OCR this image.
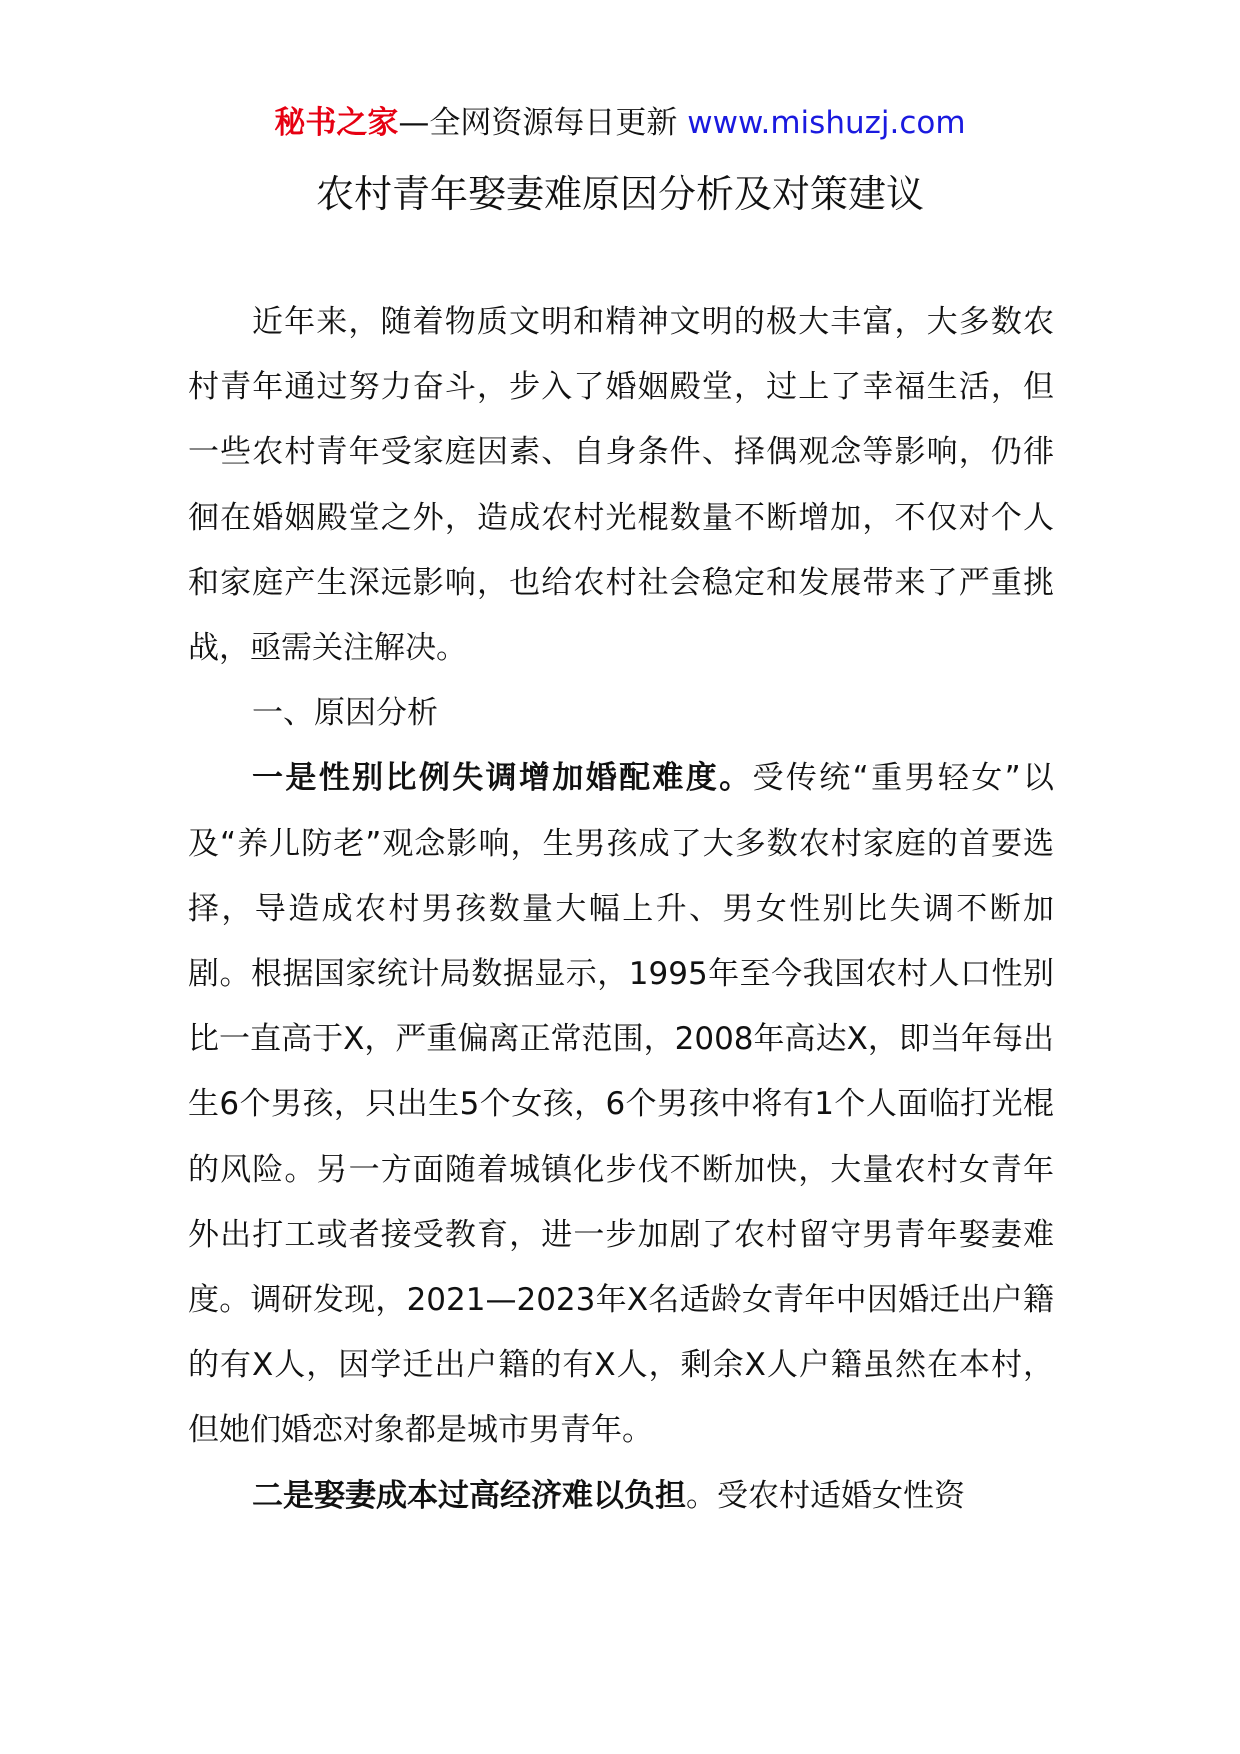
秘书之家—全网资源每日更新 www.mishuzj.com
农村青年娶妻难原因分析及对策建议

近年来，随着物质文明和精神文明的极大丰富，大多数农村青年通过努力奋斗，步入了婚姻殿堂，过上了幸福生活，但一些农村青年受家庭因素、自身条件、择偶观念等影响，仍徘徊在婚姻殿堂之外，造成农村光棍数量不断增加，不仅对个人和家庭产生深远影响，也给农村社会稳定和发展带来了严重挑战，亟需关注解决。

一、原因分析

一是性别比例失调增加婚配难度。受传统“重男轻女”以及“养儿防老”观念影响，生男孩成了大多数农村家庭的首要选择，导造成农村男孩数量大幅上升、男女性别比失调不断加剧。根据国家统计局数据显示，1995年至今我国农村人口性别比一直高于X，严重偏离正常范围，2008年高达X，即当年每出生6个男孩，只出生5个女孩，6个男孩中将有1个人面临打光棍的风险。另一方面随着城镇化步伐不断加快，大量农村女青年外出打工或者接受教育，进一步加剧了农村留守男青年娶妻难度。调研发现，2021—2023年X名适龄女青年中因婚迁出户籍的有X人，因学迁出户籍的有X人，剩余X人户籍虽然在本村，但她们婚恋对象都是城市男青年。

二是娶妻成本过高经济难以负担。受农村适婚女性资
